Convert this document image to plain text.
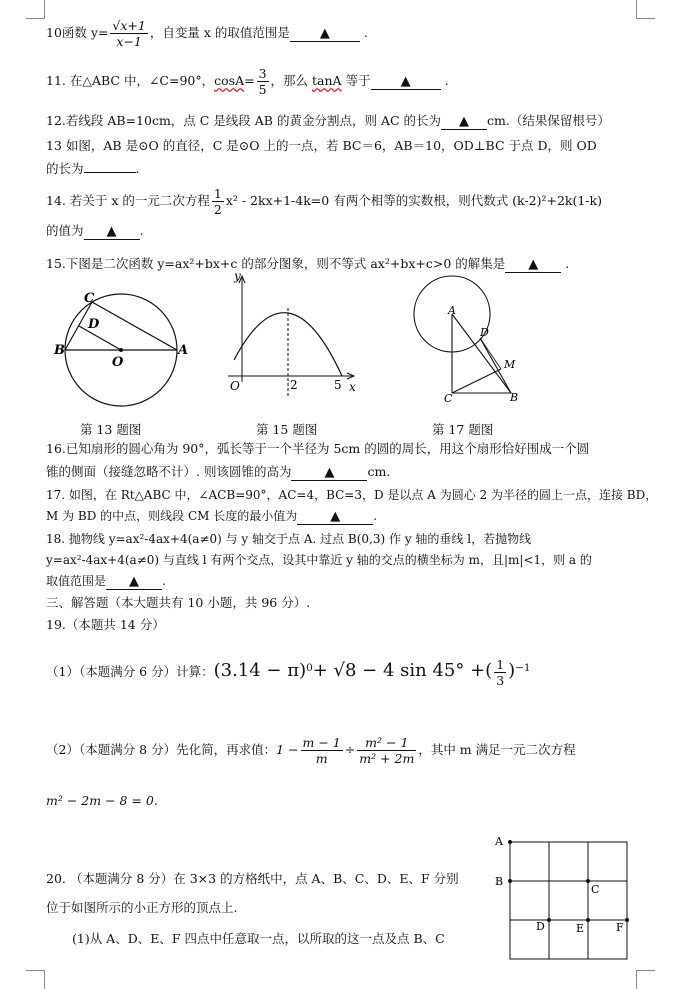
10函数 $y= \frac{√x+1}{x-1}$ ，自变量 x 的取值范围是 ▲	.
11. 在△ABC 中，∠C=90°，$\cos A= \frac{3}{5}$ ，那么 tanA 等于 ▲	.
12.若线段 AB=10cm，点 C 是线段 AB 的黄金分割点，则 AC 的长为 ▲ cm.（结果保留根号）
13 如图，AB 是⊙O 的直径，C 是⊙O 上的一点，若 BC＝6，AB＝10，OD⊥BC 于点 D，则 OD
的长为	.
14. 若关于 x 的一元二次方程 $\frac{1}{2} x^2 - 2kx+1-4k=0$ 有两个相等的实数根，则代数式 (k-2)²+2k(1-k)
的值为 ▲ .
15.下图是二次函数 y=ax²+bx+c 的部分图象，则不等式 ax²+bx+c>0 的解集是 ▲ .
C
D
B
O
A
y
x
O	2	5
A
D
M
C	B
第 13 题图	第 15 题图	第 17 题图
16.已知扇形的圆心角为 90°，弧长等于一个半径为 5cm 的圆的周长，用这个扇形恰好围成一个圆
锥的侧面（接缝忽略不计）. 则该圆锥的高为	▲	cm.
17. 如图，在 Rt△ABC 中，∠ACB=90°，AC=4，BC=3，D 是以点 A 为圆心 2 为半径的圆上一点，连接 BD，
M 为 BD 的中点，则线段 CM 长度的最小值为	▲	.
18. 抛物线 y=ax²-4ax+4(a≠0) 与 y 轴交于点 A. 过点 B(0,3) 作 y 轴的垂线 l，若抛物线
y=ax²-4ax+4(a≠0) 与直线 l 有两个交点，设其中靠近 y 轴的交点的横坐标为 m，且|m|<1，则 a 的
取值范围是 ▲ .
三、解答题（本大题共有 10 小题，共 96 分）.
19.（本题共 14 分）
（1）（本题满分 6 分）计算：$(3.14 - \pi)^0+ √8 - 4$ sin 45° +( $\frac{1}{3} )^{-1}$
（2）（本题满分 8 分）先化简，再求值：$1 - \frac{m - 1}{m} \div \frac{\text{m² − 1}}{\text{m² + 2m}}$ ，其中 m 满足一元二次方程
m² − 2m − 8 = 0.
20. （本题满分 8 分）在 3×3 的方格纸中，点 A、B、C、D、E、F 分别
位于如图所示的小正方形的顶点上.
(1)从 A、D、E、F 四点中任意取一点，以所取的这一点及点 B、C
A
B
C
D	E	F
